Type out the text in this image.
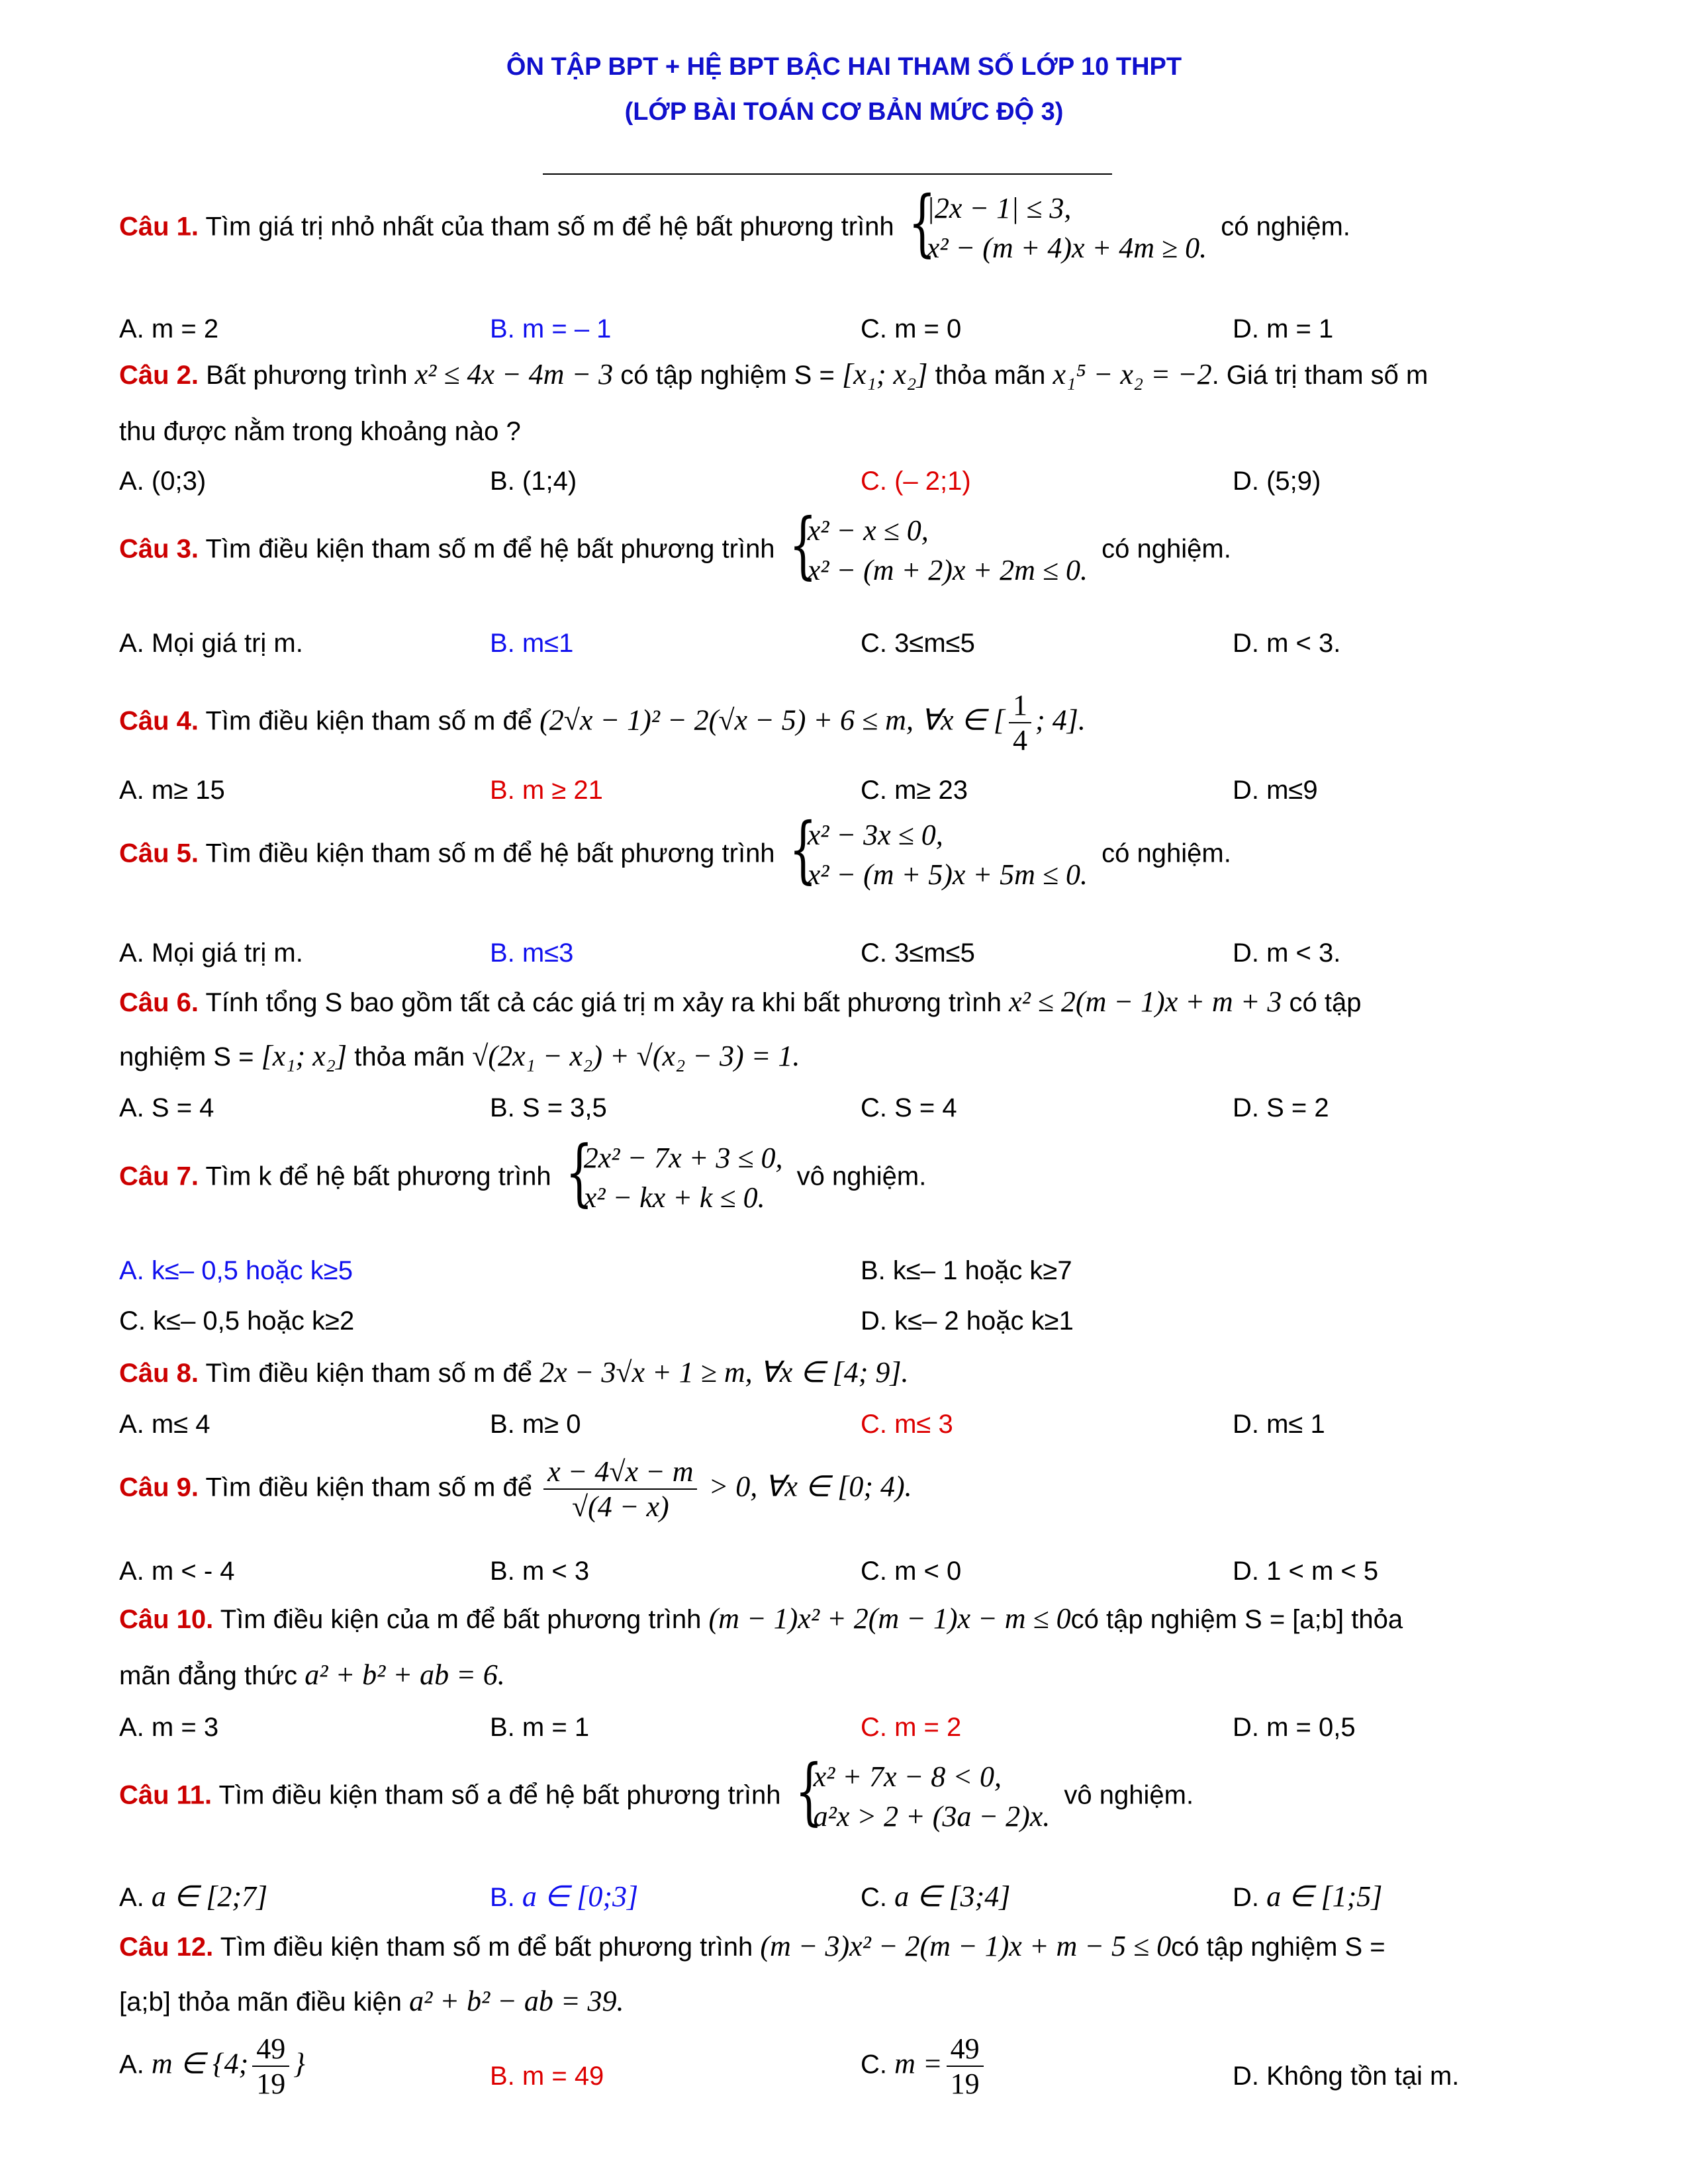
ÔN TẬP BPT + HỆ BPT BẬC HAI THAM SỐ LỚP 10 THPT
(LỚP BÀI TOÁN CƠ BẢN MỨC ĐỘ 3)
Câu 1. Tìm giá trị nhỏ nhất của tham số m để hệ bất phương trình {
|2x − 1| ≤ 3,
x² − (m + 4)x + 4m ≥ 0.
có nghiệm.
A. m = 2	B. m = – 1	C. m = 0	D. m = 1
Câu 2. Bất phương trình x² ≤ 4x − 4m − 3 có tập nghiệm S = [x₁; x₂] thỏa mãn x₁⁵ − x₂ = −2. Giá trị tham số m
thu được nằm trong khoảng nào ?
A. (0;3)	B. (1;4)	C. (– 2;1)	D. (5;9)
Câu 3. Tìm điều kiện tham số m để hệ bất phương trình {
x² − x ≤ 0,
x² − (m + 2)x + 2m ≤ 0.
có nghiệm.
A. Mọi giá trị m.	B. m≤1	C. 3≤m≤5	D. m < 3.
Câu 4. Tìm điều kiện tham số m để (2√x − 1)² − 2(√x − 5) + 6 ≤ m, ∀x ∈ [ $\frac{1}{4}$ ; 4].
A. m≥ 15	B. m ≥ 21	C. m≥ 23	D. m≤9
Câu 5. Tìm điều kiện tham số m để hệ bất phương trình {
x² − 3x ≤ 0,
x² − (m + 5)x + 5m ≤ 0.
có nghiệm.
A. Mọi giá trị m.	B. m≤3	C. 3≤m≤5	D. m < 3.
Câu 6. Tính tổng S bao gồm tất cả các giá trị m xảy ra khi bất phương trình x² ≤ 2(m − 1)x + m + 3 có tập
nghiệm S = [x₁; x₂] thỏa mãn √(2x₁ − x₂) + √(x₂ − 3) = 1.
A. S = 4	B. S = 3,5	C. S = 4	D. S = 2
Câu 7. Tìm k để hệ bất phương trình {
2x² − 7x + 3 ≤ 0,
x² − kx + k ≤ 0.
vô nghiệm.
A. k≤– 0,5 hoặc k≥5	B. k≤– 1 hoặc k≥7
C. k≤– 0,5 hoặc k≥2	D. k≤– 2 hoặc k≥1
Câu 8. Tìm điều kiện tham số m để 2x − 3√x + 1 ≥ m, ∀x ∈ [4; 9].
A. m≤ 4	B. m≥ 0	C. m≤ 3	D. m≤ 1
Câu 9. Tìm điều kiện tham số m để $\frac{x - 4√x - m}{√(4 - x)} > 0$, ∀x ∈ [0; 4).
A. m < - 4	B. m < 3	C. m < 0	D. 1 < m < 5
Câu 10. Tìm điều kiện của m để bất phương trình (m − 1)x² + 2(m − 1)x − m ≤ 0có tập nghiệm S = [a;b] thỏa
mãn đẳng thức a² + b² + ab = 6.
A. m = 3	B. m = 1	C. m = 2	D. m = 0,5
Câu 11. Tìm điều kiện tham số a để hệ bất phương trình {
x² + 7x − 8 < 0,
a²x > 2 + (3a − 2)x.
vô nghiệm.
A. a ∈ [2;7]	B. a ∈ [0;3]	C. a ∈ [3;4]	D. a ∈ [1;5]
Câu 12. Tìm điều kiện tham số m để bất phương trình (m − 3)x² − 2(m − 1)x + m − 5 ≤ 0có tập nghiệm S =
[a;b] thỏa mãn điều kiện a² + b² − ab = 39.
A. m ∈ {4; $\frac{49}{19}$ }	B. m = 49	C. $m = \frac{49}{19}$	D. Không tồn tại m.
